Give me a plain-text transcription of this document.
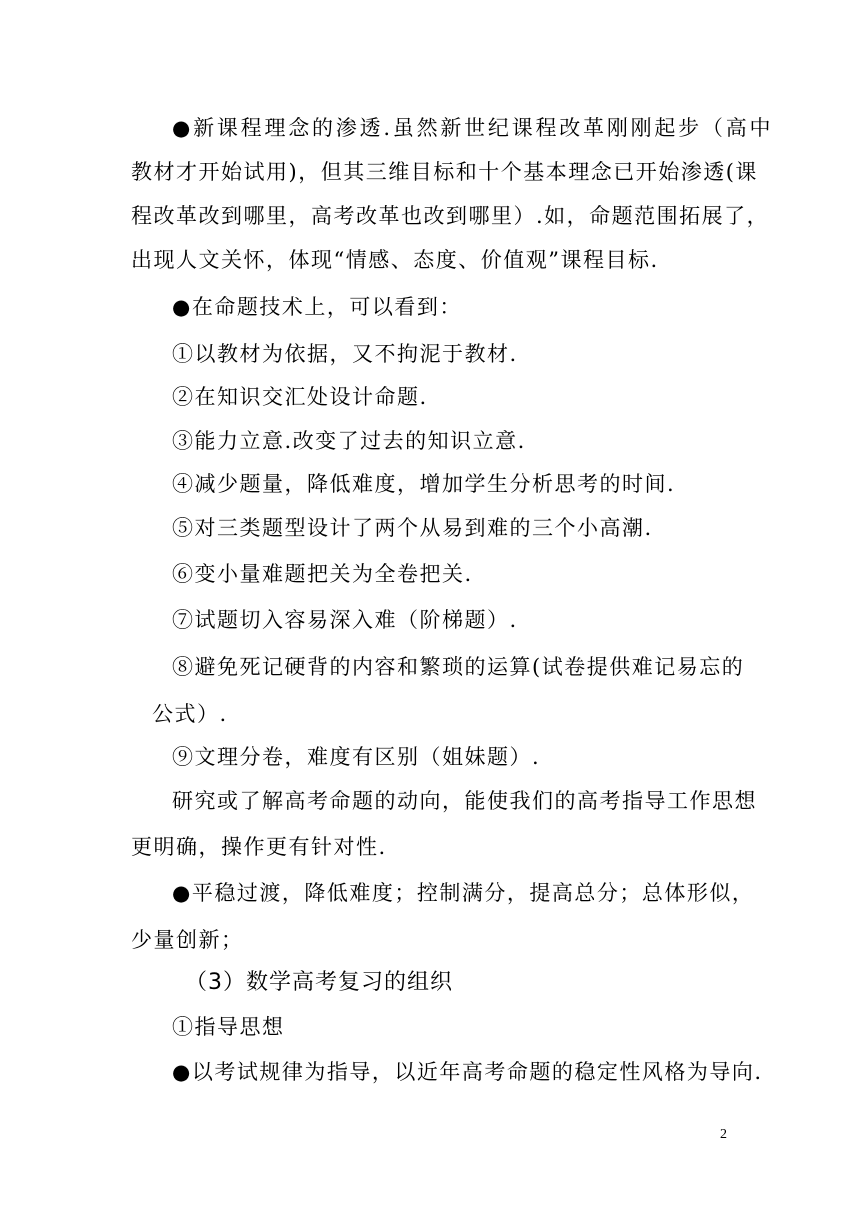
●新课程理念的渗透.虽然新世纪课程改革刚刚起步（高中
教材才开始试用)，但其三维目标和十个基本理念已开始渗透(课
程改革改到哪里，高考改革也改到哪里）.如，命题范围拓展了，
出现人文关怀，体现“情感、态度、价值观”课程目标.
●在命题技术上，可以看到：
①以教材为依据，又不拘泥于教材.
②在知识交汇处设计命题.
③能力立意.改变了过去的知识立意.
④减少题量，降低难度，增加学生分析思考的时间.
⑤对三类题型设计了两个从易到难的三个小高潮.
⑥变小量难题把关为全卷把关.
⑦试题切入容易深入难（阶梯题）.
⑧避免死记硬背的内容和繁琐的运算(试卷提供难记易忘的
公式）.
⑨文理分卷，难度有区别（姐妹题）.
研究或了解高考命题的动向，能使我们的高考指导工作思想
更明确，操作更有针对性.
●平稳过渡，降低难度；控制满分，提高总分；总体形似，
少量创新；
（3）数学高考复习的组织
①指导思想
●以考试规律为指导，以近年高考命题的稳定性风格为导向.
2
